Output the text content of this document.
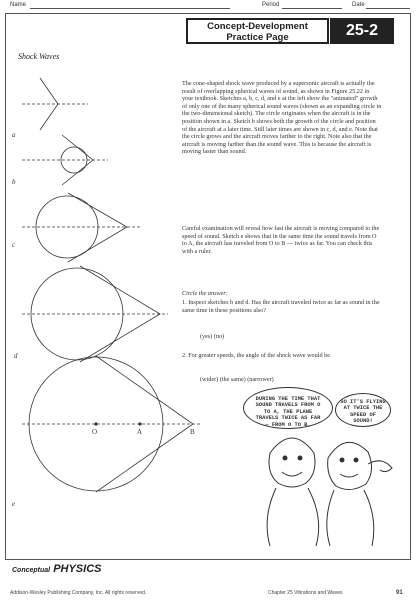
Name	Period	Date
Concept-Development
Practice Page	25-2
Shock Waves
a
b
c
d
e
O	A	B

The cone-shaped shock wave produced by a supersonic aircraft is actually the result of overlapping spherical waves of sound, as shown in Figure 25.22 in your textbook. Sketches a, b, c, d, and e at the left show the "animated" growth of only one of the many spherical sound waves (shown as an expanding circle in the two-dimensional sketch). The circle originates when the aircraft is in the position shown in a. Sketch b shows both the growth of the circle and position of the aircraft at a later time. Still later times are shown in c, d, and e. Note that the circle grows and the aircraft moves farther to the right. Note also that the aircraft is moving farther than the sound wave. This is because the aircraft is moving faster than sound.

Careful examination will reveal how fast the aircraft is moving compared to the speed of sound. Sketch e shows that in the same time the sound travels from O to A, the aircraft has traveled from O to B — twice as far. You can check this with a ruler.

Circle the answer:

1. Inspect sketches b and d. Has the aircraft traveled twice as far as sound in the same time in these positions also?

(yes) (no)

2. For greater speeds, the angle of the shock wave would be

(wider) (the same) (narrower)
DURING THE TIME THAT SOUND TRAVELS FROM O TO A, THE PLANE TRAVELS TWICE AS FAR — FROM O TO B.
SO IT'S FLYING AT TWICE THE SPEED OF SOUND!
Conceptual PHYSICS
Addison-Wesley Publishing Company, Inc. All rights reserved.	Chapter 25 Vibrations and Waves	91
